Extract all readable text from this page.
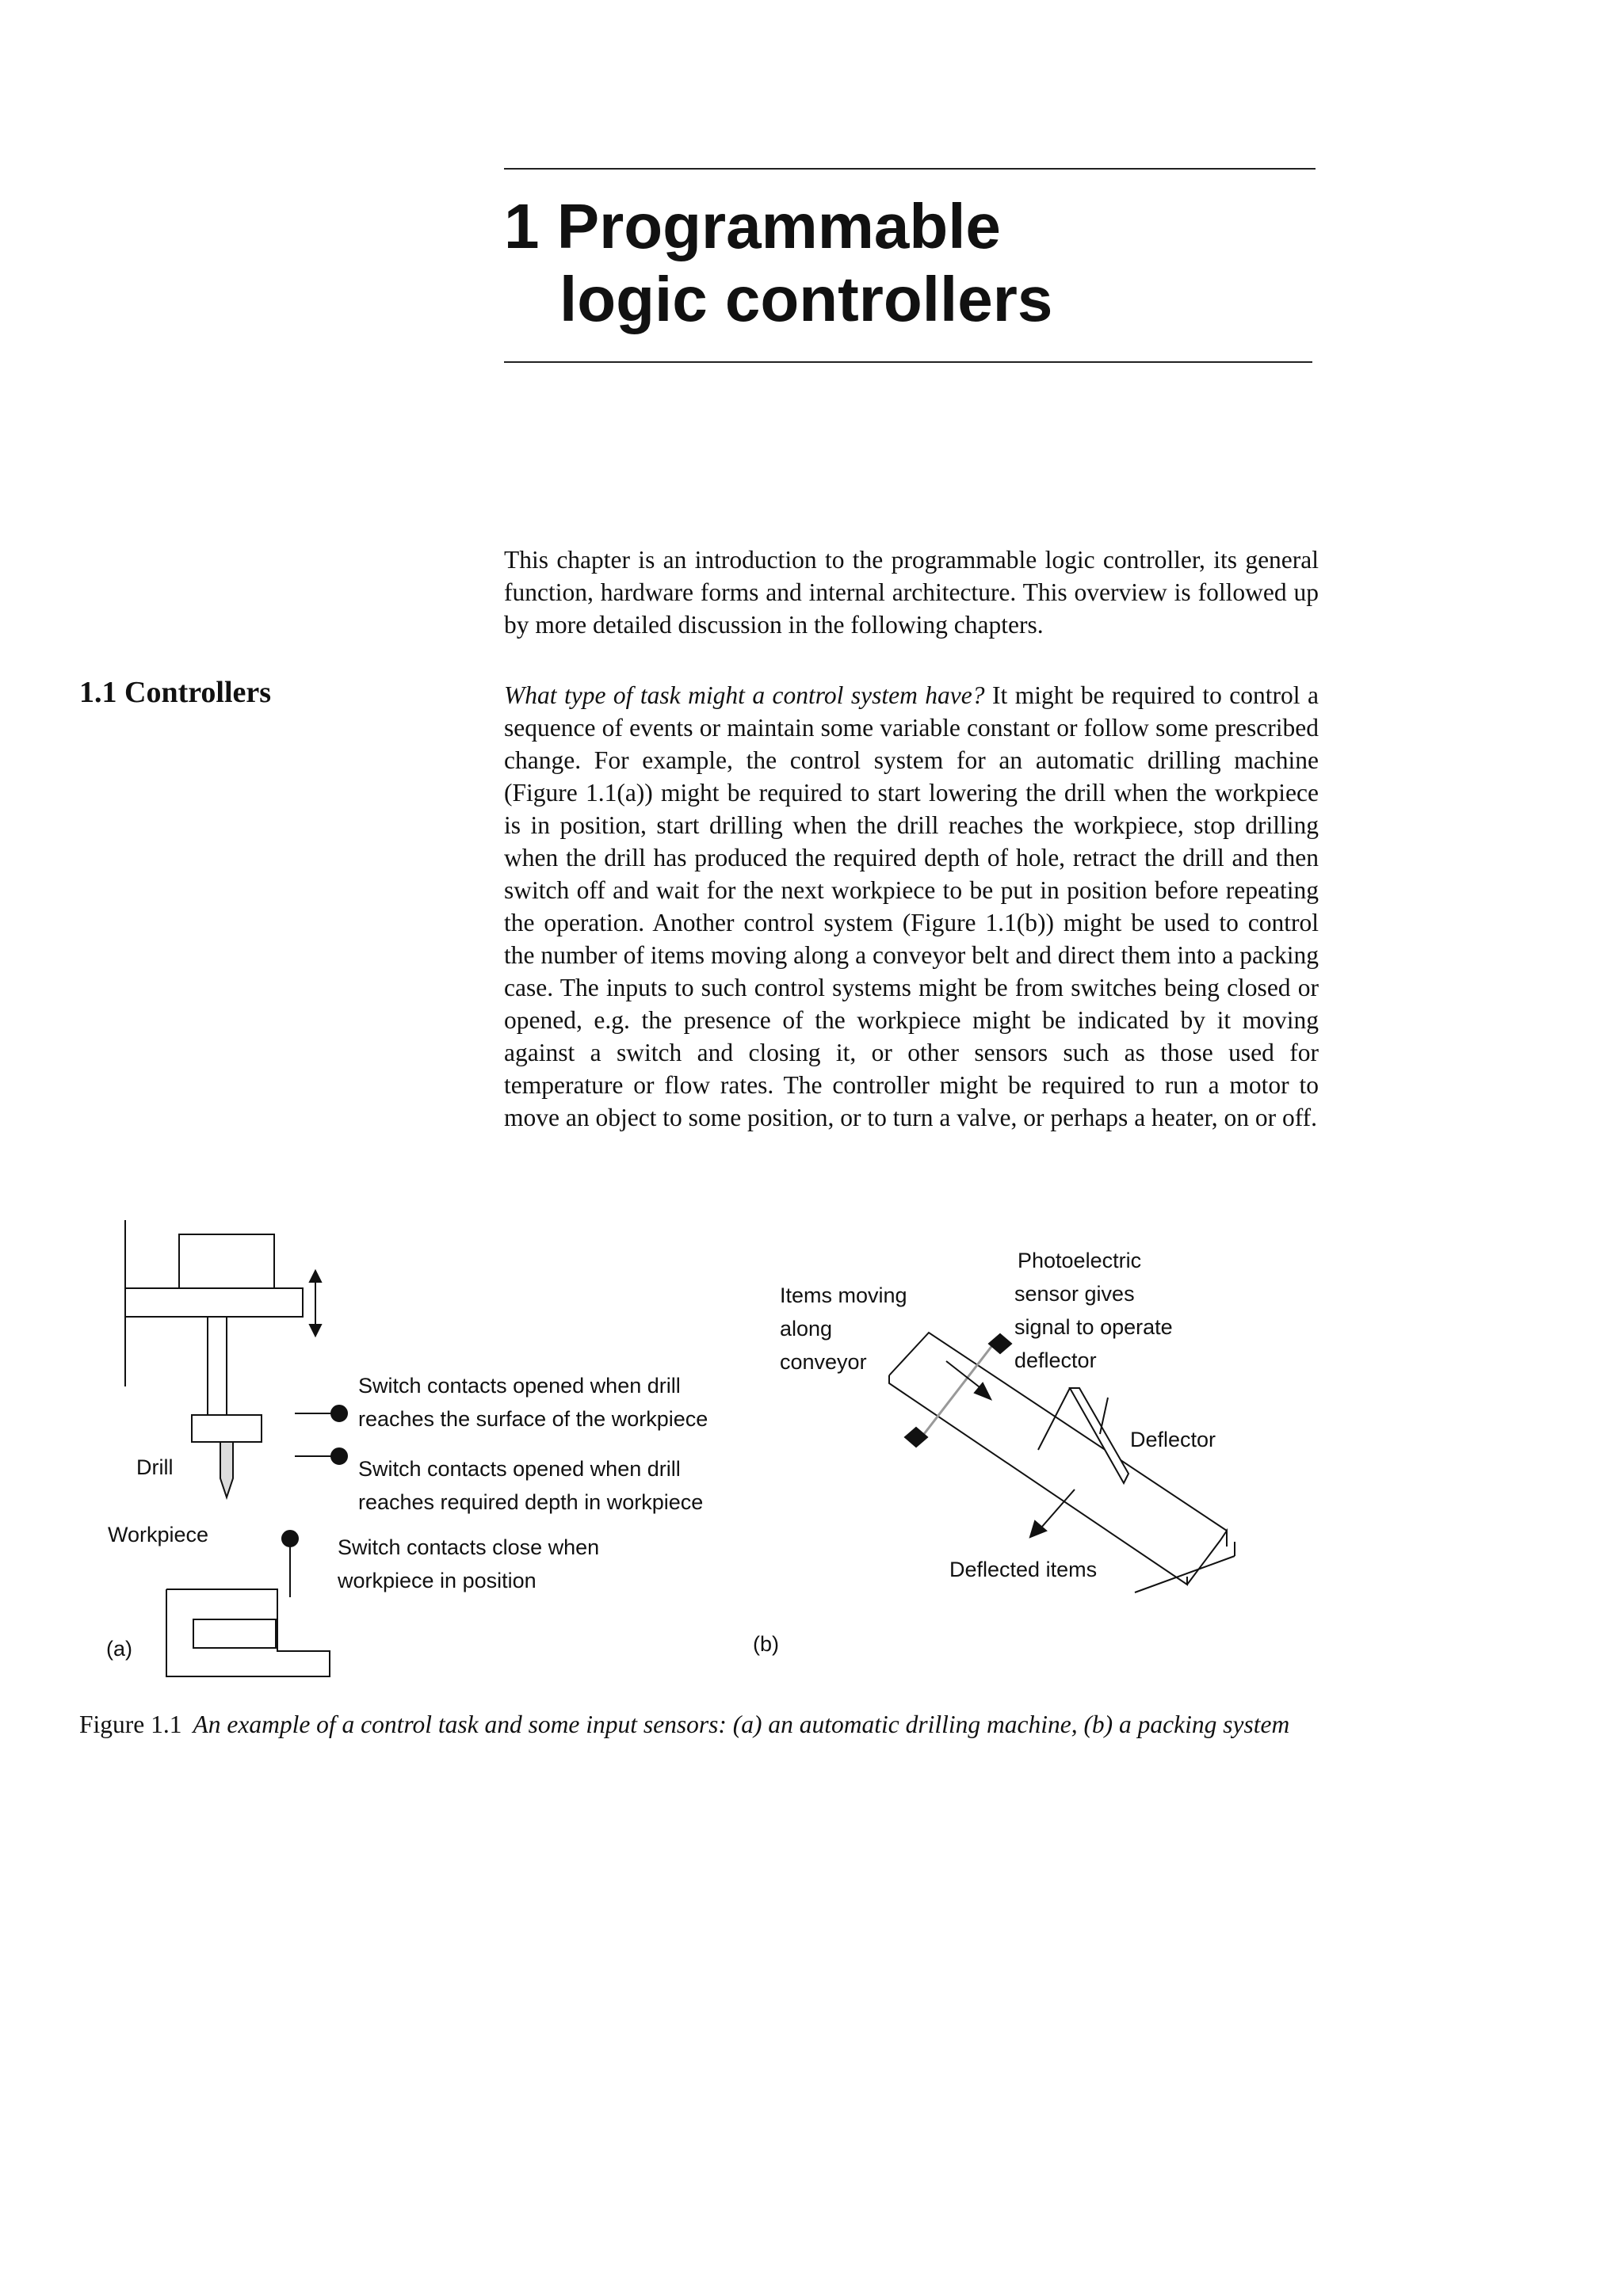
1 Programmable
logic controllers

This chapter is an introduction to the programmable logic controller, its general function, hardware forms and internal architecture. This overview is followed up by more detailed discussion in the following chapters.

1.1 Controllers	What type of task might a control system have? It might be required to control a sequence of events or maintain some variable constant or follow some prescribed change. For example, the control system for an automatic drilling machine (Figure 1.1(a)) might be required to start lowering the drill when the workpiece is in position, start drilling when the drill reaches the workpiece, stop drilling when the drill has produced the required depth of hole, retract the drill and then switch off and wait for the next workpiece to be put in position before repeating the operation. Another control system (Figure 1.1(b)) might be used to control the number of items moving along a conveyor belt and direct them into a packing case. The inputs to such control systems might be from switches being closed or opened, e.g. the presence of the workpiece might be indicated by it moving against a switch and closing it, or other sensors such as those used for temperature or flow rates. The controller might be required to run a motor to move an object to some position, or to turn a valve, or perhaps a heater, on or off.

Drill
Workpiece
Switch contacts opened when drill
reaches the surface of the workpiece
Switch contacts opened when drill
reaches required depth in workpiece
Switch contacts close when
workpiece in position
(a)
Items moving
along
conveyor
Photoelectric
sensor gives
signal to operate
deflector
Deflector
Deflected items
(b)

Figure 1.1 An example of a control task and some input sensors: (a) an automatic drilling machine, (b) a packing system
